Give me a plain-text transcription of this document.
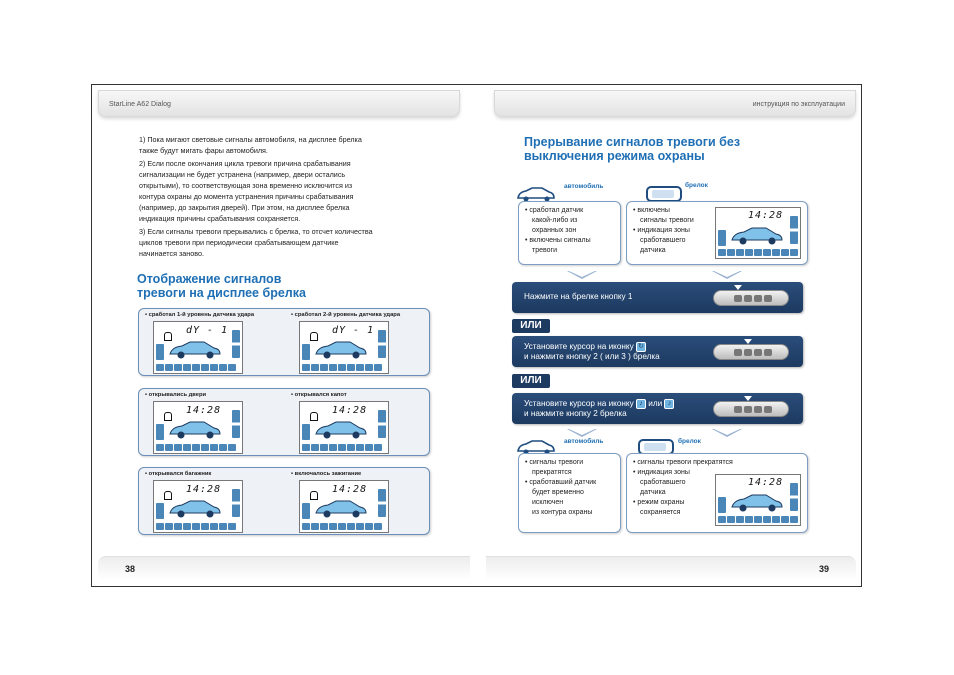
StarLine A62 Dialog
1) Пока мигают световые сигналы автомобиля, на дисплее брелка
также будут мигать фары автомобиля.
2) Если после окончания цикла тревоги причина срабатывания
сигнализации не будет устранена (например, двери остались
открытыми), то соответствующая зона временно исключится из
контура охраны до момента устранения причины срабатывания
(например, до закрытия дверей). При этом, на дисплее брелка
индикация причины срабатывания сохраняется.
3) Если сигналы тревоги прерывались с брелка, то отсчет количества
циклов тревоги при периодически срабатывающем датчике
начинается заново.
Отображение сигналов
тревоги на дисплее брелка
• сработал 1-й уровень датчика удара
dY - 1
• сработал 2-й уровень датчика удара
dY - 1
• открывались двери
14:28
• открывался капот
14:28
• открывался багажник
14:28
• включалось зажигание
14:28
38
инструкция по эксплуатации
Прерывание сигналов тревоги без
выключения режима охраны
автомобиль	брелок
• сработал датчик
какой-либо из
охранных зон
• включены сигналы
тревоги
• включены
сигналы тревоги
• индикация зоны
сработавшего
датчика
14:28
Нажмите на брелке кнопку 1
ИЛИ
Установите курсор на иконку ↻
и нажмите кнопку 2 ( или 3 ) брелка
ИЛИ
Установите курсор на иконку ♪ или ♪
и нажмите кнопку 2 брелка
автомобиль	брелок
• сигналы тревоги
прекратятся
• сработавший датчик
будет временно
исключен
из контура охраны
• сигналы тревоги прекратятся
• индикация зоны
сработавшего
датчика
• режим охраны
сохраняется
14:28
39
